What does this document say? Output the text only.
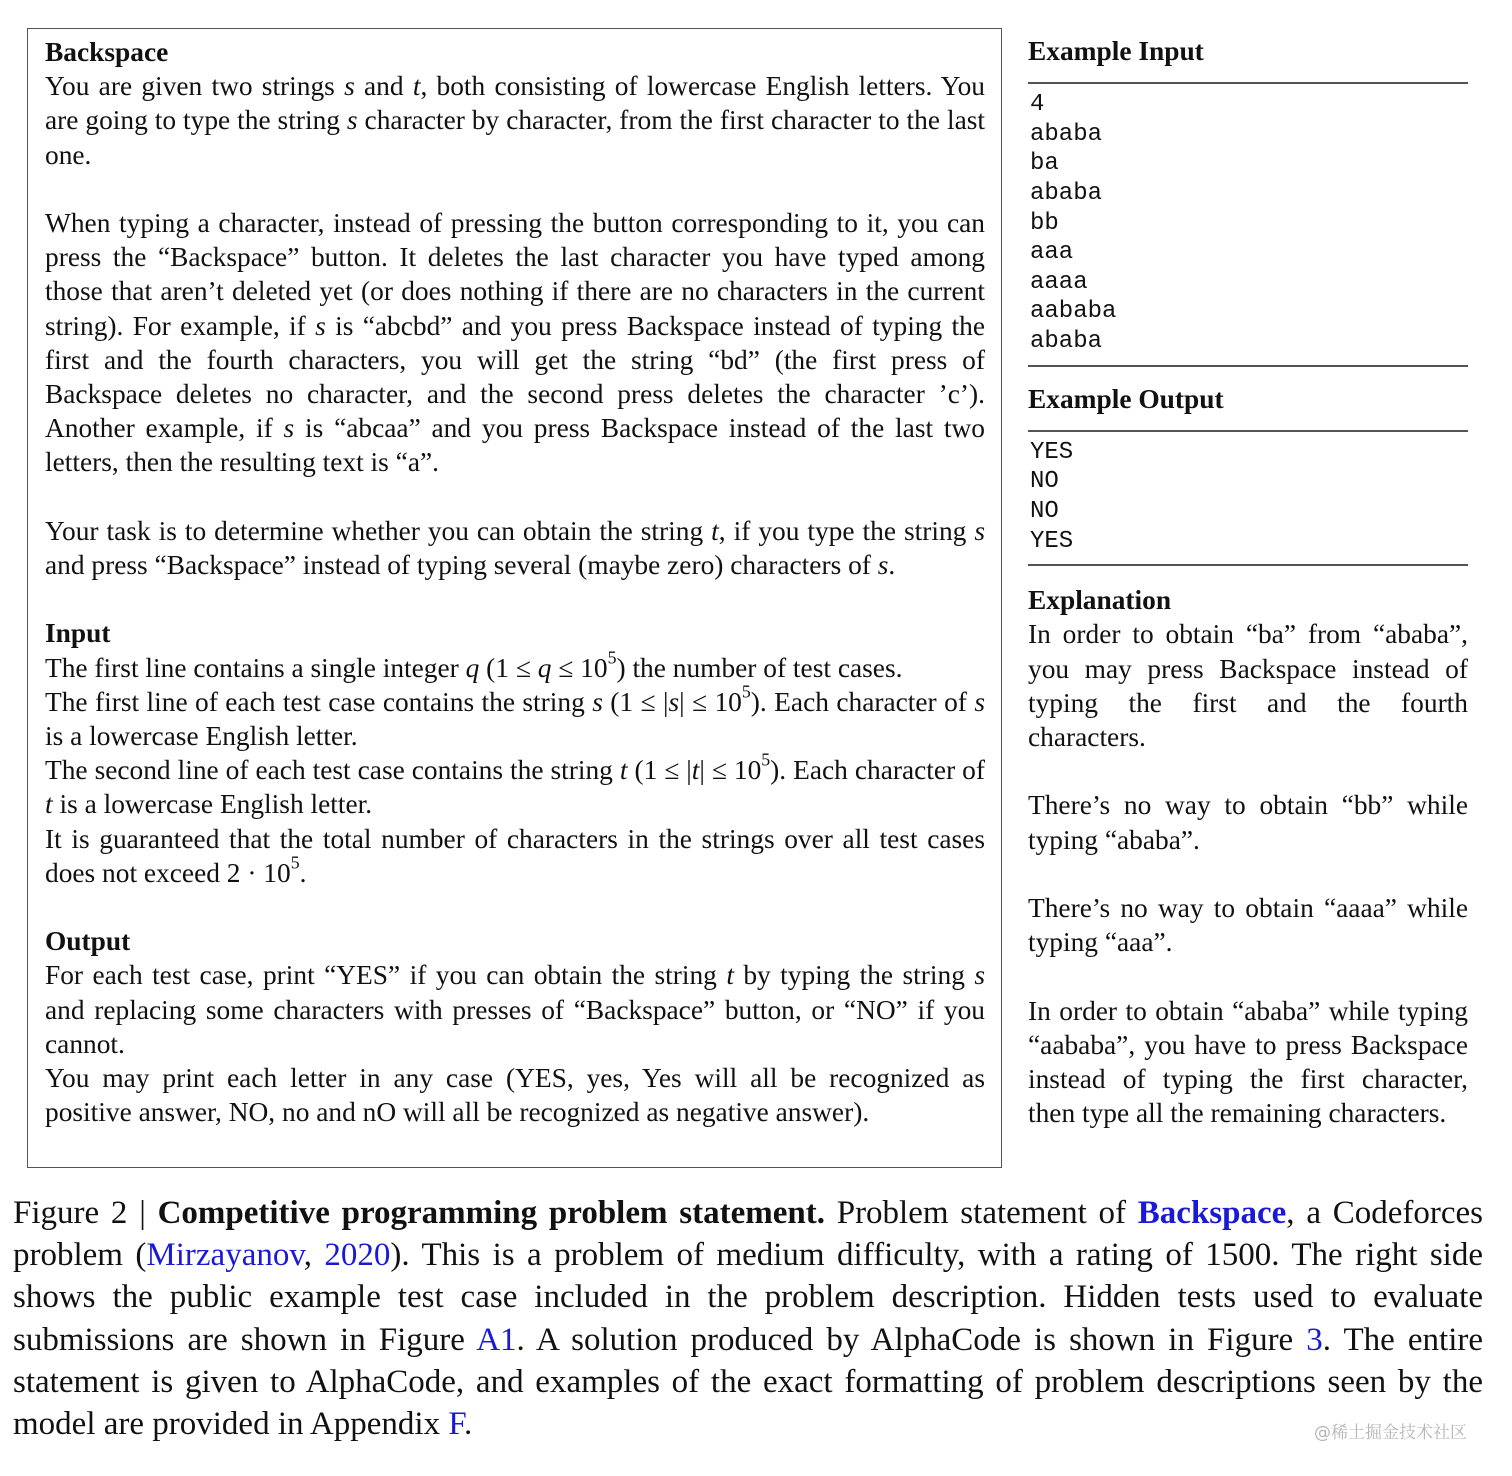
Backspace

You are given two strings s and t, both consisting of lowercase English letters. You are going to type the string s character by character, from the first character to the last one.

When typing a character, instead of pressing the button corresponding to it, you can press the “Backspace” button. It deletes the last character you have typed among those that aren’t deleted yet (or does nothing if there are no characters in the current string). For example, if s is “abcbd” and you press Backspace instead of typing the first and the fourth characters, you will get the string “bd” (the first press of Backspace deletes no character, and the second press deletes the character ’c’). Another example, if s is “abcaa” and you press Backspace instead of the last two letters, then the resulting text is “a”.

Your task is to determine whether you can obtain the string t, if you type the string s and press “Backspace” instead of typing several (maybe zero) characters of s.

Input

The first line contains a single integer q $(1 \le q \le 10^5)$ the number of test cases.

The first line of each test case contains the string s $(1 \le |s| \le 10^5)$. Each character of s is a lowercase English letter.

The second line of each test case contains the string t $(1 \le |t| \le 10^5)$. Each character of t is a lowercase English letter.

It is guaranteed that the total number of characters in the strings over all test cases does not exceed $2 \cdot 10^5$.

Output

For each test case, print “YES” if you can obtain the string t by typing the string s and replacing some characters with presses of “Backspace” button, or “NO” if you cannot.

You may print each letter in any case (YES, yes, Yes will all be recognized as positive answer, NO, no and nO will all be recognized as negative answer).

Example Input

4
ababa
ba
ababa
bb
aaa
aaaa
aababa
ababa

Example Output

YES
NO
NO
YES

Explanation

In order to obtain “ba” from “ababa”, you may press Backspace instead of typing the first and the fourth characters.

There’s no way to obtain “bb” while typing “ababa”.

There’s no way to obtain “aaaa” while typing “aaa”.

In order to obtain “ababa” while typing “aababa”, you have to press Backspace instead of typing the first character, then type all the remaining characters.

Figure 2 | Competitive programming problem statement. Problem statement of Backspace, a Codeforces problem (Mirzayanov, 2020). This is a problem of medium difficulty, with a rating of 1500. The right side shows the public example test case included in the problem description. Hidden tests used to evaluate submissions are shown in Figure A1. A solution produced by AlphaCode is shown in Figure 3. The entire statement is given to AlphaCode, and examples of the exact formatting of problem descriptions seen by the model are provided in Appendix F.	@稀土掘金技术社区
